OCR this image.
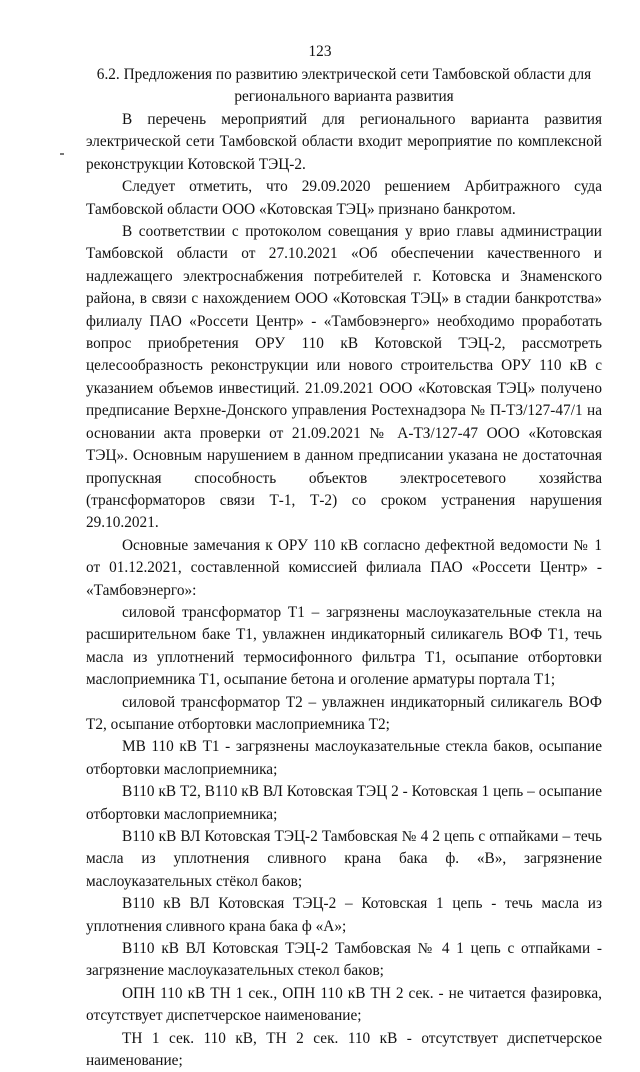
123
6.2. Предложения по развитию электрической сети Тамбовской области для регионального варианта развития

В перечень мероприятий для регионального варианта развития электрической сети Тамбовской области входит мероприятие по комплексной реконструкции Котовской ТЭЦ-2.

Следует отметить, что 29.09.2020 решением Арбитражного суда Тамбовской области ООО «Котовская ТЭЦ» признано банкротом.

В соответствии с протоколом совещания у врио главы администрации Тамбовской области от 27.10.2021 «Об обеспечении качественного и надлежащего электроснабжения потребителей г. Котовска и Знаменского района, в связи с нахождением ООО «Котовская ТЭЦ» в стадии банкротства» филиалу ПАО «Россети Центр» - «Тамбовэнерго» необходимо проработать вопрос приобретения ОРУ 110 кВ Котовской ТЭЦ-2, рассмотреть целесообразность реконструкции или нового строительства ОРУ 110 кВ с указанием объемов инвестиций. 21.09.2021 ООО «Котовская ТЭЦ» получено предписание Верхне-Донского управления Ростехнадзора № П-ТЗ/127-47/1 на основании акта проверки от 21.09.2021 № А-ТЗ/127-47 ООО «Котовская ТЭЦ». Основным нарушением в данном предписании указана не достаточная пропускная способность объектов электросетевого хозяйства (трансформаторов связи Т-1, Т-2) со сроком устранения нарушения 29.10.2021.

Основные замечания к ОРУ 110 кВ согласно дефектной ведомости № 1 от 01.12.2021, составленной комиссией филиала ПАО «Россети Центр» - «Тамбовэнерго»:

силовой трансформатор Т1 – загрязнены маслоуказательные стекла на расширительном баке Т1, увлажнен индикаторный силикагель ВОФ Т1, течь масла из уплотнений термосифонного фильтра Т1, осыпание отбортовки маслоприемника Т1, осыпание бетона и оголение арматуры портала Т1;

силовой трансформатор Т2 – увлажнен индикаторный силикагель ВОФ Т2, осыпание отбортовки маслоприемника Т2;

МВ 110 кВ Т1 - загрязнены маслоуказательные стекла баков, осыпание отбортовки маслоприемника;

В110 кВ Т2, В110 кВ ВЛ Котовская ТЭЦ 2 - Котовская 1 цепь – осыпание отбортовки маслоприемника;

В110 кВ ВЛ Котовская ТЭЦ-2 Тамбовская № 4 2 цепь с отпайками – течь масла из уплотнения сливного крана бака ф. «В», загрязнение маслоуказательных стёкол баков;

В110 кВ ВЛ Котовская ТЭЦ-2 – Котовская 1 цепь - течь масла из уплотнения сливного крана бака ф «А»;

В110 кВ ВЛ Котовская ТЭЦ-2 Тамбовская № 4 1 цепь с отпайками - загрязнение маслоуказательных стекол баков;

ОПН 110 кВ ТН 1 сек., ОПН 110 кВ ТН 2 сек. - не читается фазировка, отсутствует диспетчерское наименование;

ТН 1 сек. 110 кВ, ТН 2 сек. 110 кВ - отсутствует диспетчерское наименование;
